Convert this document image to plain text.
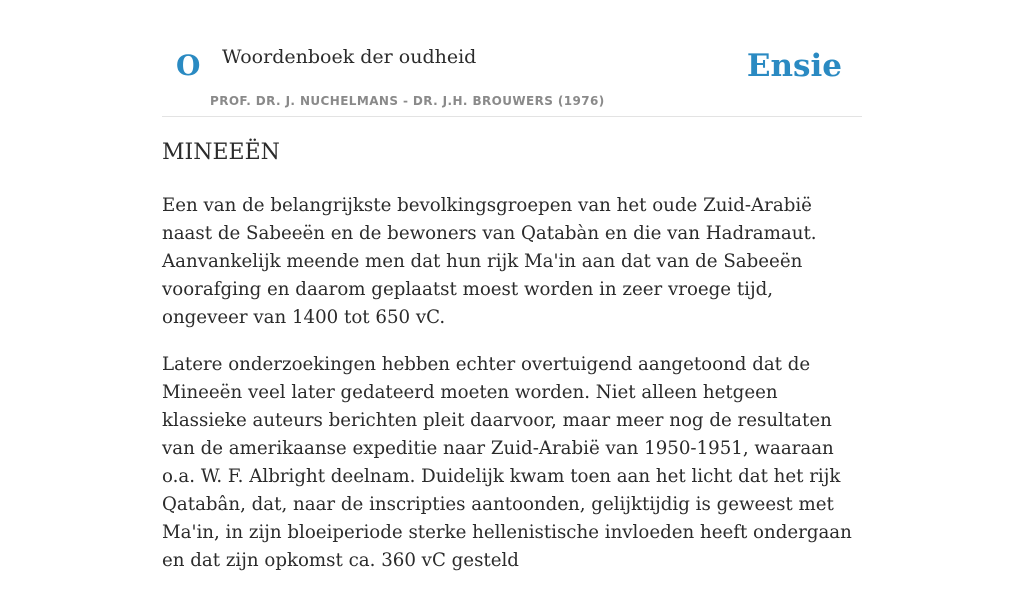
O Woordenboek der oudheid
PROF. DR. J. NUCHELMANS - DR. J.H. BROUWERS (1976)
Ensie
MINEEËN

Een van de belangrijkste bevolkingsgroepen van het oude Zuid-Arabië naast de Sabeeën en de bewoners van Qatabàn en die van Hadramaut. Aanvankelijk meende men dat hun rijk Ma'in aan dat van de Sabeeën voorafging en daarom geplaatst moest worden in zeer vroege tijd, ongeveer van 1400 tot 650 vC.

Latere onderzoekingen hebben echter overtuigend aangetoond dat de Mineeën veel later gedateerd moeten worden. Niet alleen hetgeen klassieke auteurs berichten pleit daarvoor, maar meer nog de resultaten van de amerikaanse expeditie naar Zuid-Arabië van 1950-1951, waaraan o.a. W. F. Albright deelnam. Duidelijk kwam toen aan het licht dat het rijk Qatabân, dat, naar de inscripties aantoonden, gelijktijdig is geweest met Ma'in, in zijn bloeiperiode sterke hellenistische invloeden heeft ondergaan en dat zijn opkomst ca. 360 vC gesteld
